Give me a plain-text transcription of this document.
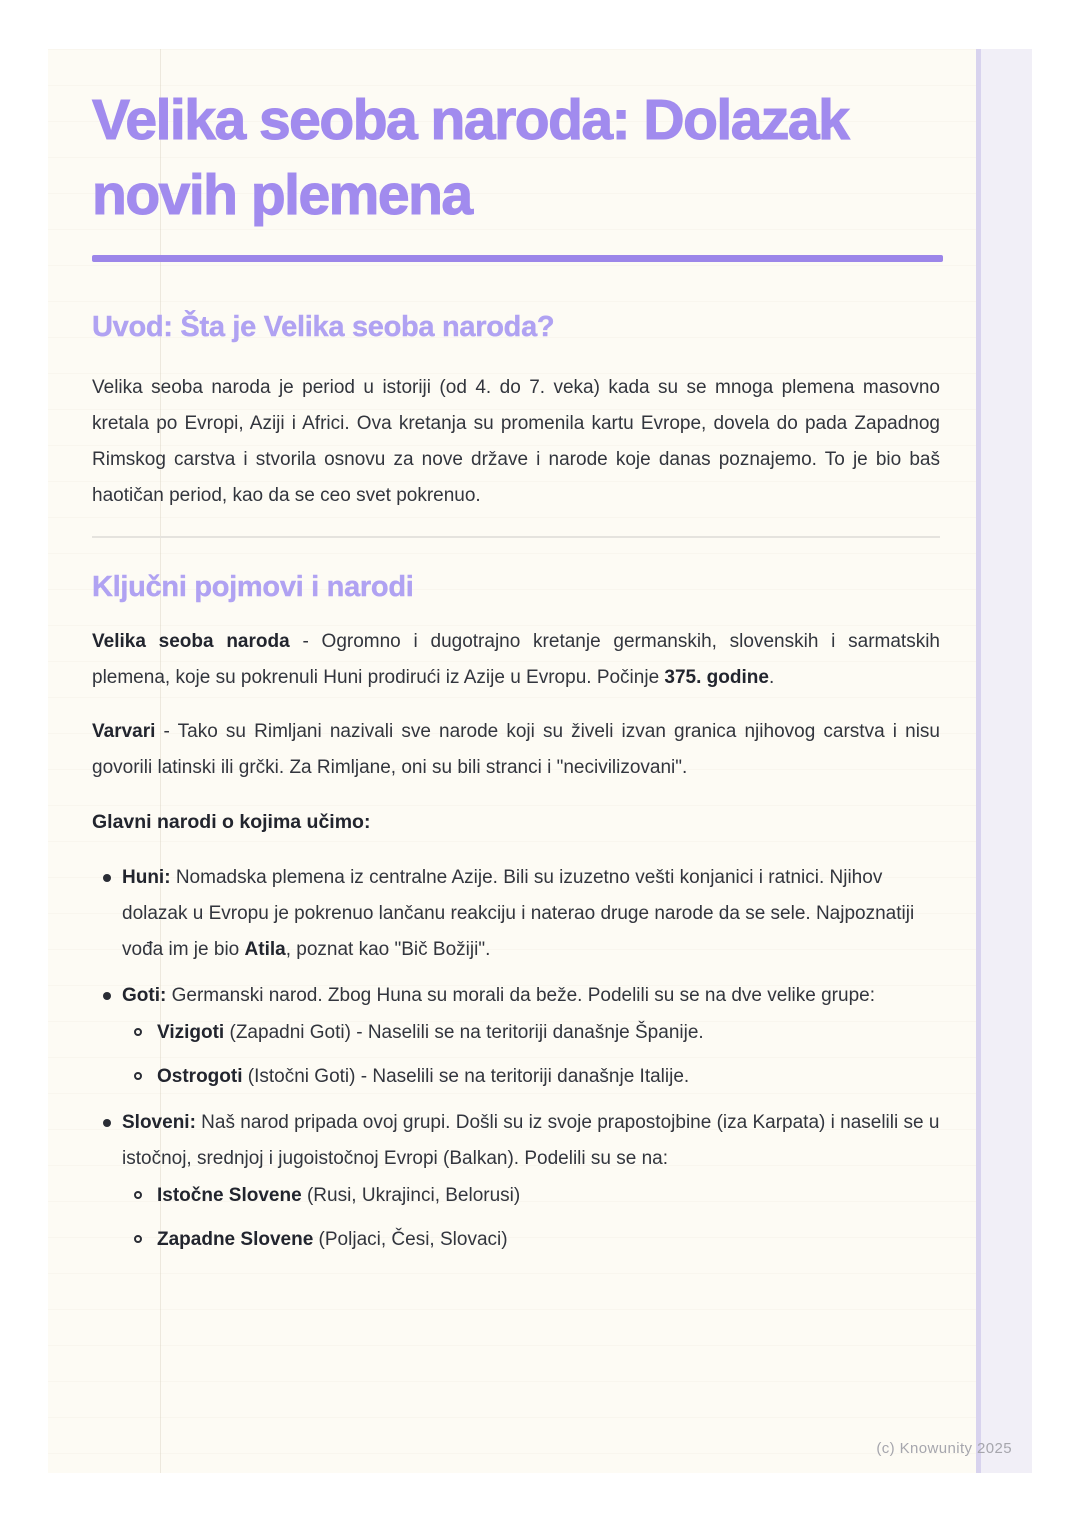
Velika seoba naroda: Dolazak novih plemena
Uvod: Šta je Velika seoba naroda?

Velika seoba naroda je period u istoriji (od 4. do 7. veka) kada su se mnoga plemena masovno kretala po Evropi, Aziji i Africi. Ova kretanja su promenila kartu Evrope, dovela do pada Zapadnog Rimskog carstva i stvorila osnovu za nove države i narode koje danas poznajemo. To je bio baš haotičan period, kao da se ceo svet pokrenuo.

Ključni pojmovi i narodi

Velika seoba naroda - Ogromno i dugotrajno kretanje germanskih, slovenskih i sarmatskih plemena, koje su pokrenuli Huni prodirući iz Azije u Evropu. Počinje 375. godine.

Varvari - Tako su Rimljani nazivali sve narode koji su živeli izvan granica njihovog carstva i nisu govorili latinski ili grčki. Za Rimljane, oni su bili stranci i "necivilizovani".

Glavni narodi o kojima učimo:
Huni: Nomadska plemena iz centralne Azije. Bili su izuzetno vešti konjanici i ratnici. Njihov dolazak u Evropu je pokrenuo lančanu reakciju i naterao druge narode da se sele. Najpoznatiji vođa im je bio Atila, poznat kao "Bič Božiji".
Goti: Germanski narod. Zbog Huna su morali da beže. Podelili su se na dve velike grupe:
Vizigoti (Zapadni Goti) - Naselili se na teritoriji današnje Španije.
Ostrogoti (Istočni Goti) - Naselili se na teritoriji današnje Italije.
Sloveni: Naš narod pripada ovoj grupi. Došli su iz svoje prapostojbine (iza Karpata) i naselili se u istočnoj, srednjoj i jugoistočnoj Evropi (Balkan). Podelili su se na:
Istočne Slovene (Rusi, Ukrajinci, Belorusi)
Zapadne Slovene (Poljaci, Česi, Slovaci)
(c) Knowunity 2025
